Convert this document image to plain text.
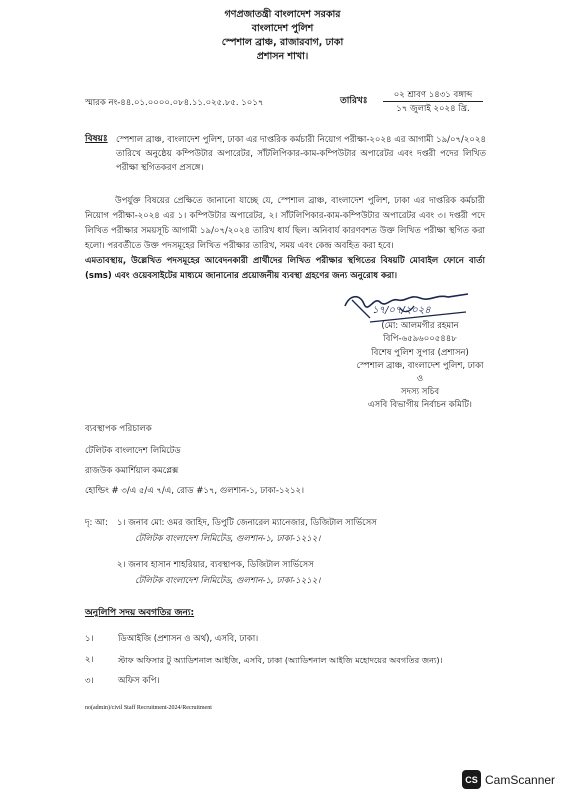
গণপ্রজাতন্ত্রী বাংলাদেশ সরকার
বাংলাদেশ পুলিশ
স্পেশাল ব্রাঞ্চ, রাজারবাগ, ঢাকা
প্রশাসন শাখা।
স্মারক নং-৪৪.০১.০০০০.০৮৪.১১.০২৫.৮৫. ১০১৭	তারিখঃ
০২ শ্রাবণ ১৪৩১ বঙ্গাব্দ
১৭ জুলাই ২০২৪ খ্রি.
বিষয়ঃ স্পেশাল ব্রাঞ্চ, বাংলাদেশ পুলিশ, ঢাকা এর দাপ্তরিক কর্মচারী নিয়োগ পরীক্ষা-২০২৪ এর আগামী ১৯/০৭/২০২৪ তারিখে অনুষ্ঠেয় কম্পিউটার অপারেটর, সাঁটলিপিকার-কাম-কম্পিউটার অপারেটর এবং দপ্তরী পদের লিখিত পরীক্ষা স্থগিতকরণ প্রসঙ্গে।
উপর্যুক্ত বিষয়ের প্রেক্ষিতে জানানো যাচ্ছে যে, স্পেশাল ব্রাঞ্চ, বাংলাদেশ পুলিশ, ঢাকা এর দাপ্তরিক কর্মচারী নিয়োগ পরীক্ষা-২০২৪ এর ১। কম্পিউটার অপারেটর, ২। সাঁটলিপিকার-কাম-কম্পিউটার অপারেটর এবং ৩। দপ্তরী পদে লিখিত পরীক্ষার সময়সূচি আগামী ১৯/০৭/২০২৪ তারিখ ধার্য ছিল। অনিবার্য কারণবশত উক্ত লিখিত পরীক্ষা স্থগিত করা হলো। পরবর্তীতে উক্ত পদসমূহের লিখিত পরীক্ষার তারিখ, সময় এবং কেন্দ্র অবহিত করা হবে।
এমতাবস্থায়, উল্লেখিত পদসমূহের আবেদনকারী প্রার্থীদের লিখিত পরীক্ষার স্থগিতের বিষয়টি মোবাইল ফোনে বার্তা (sms) এবং ওয়েবসাইটের মাধ্যমে জানানোর প্রয়োজনীয় ব্যবস্থা গ্রহণের জন্য অনুরোধ করা।
১৭/০৭/২০২৪
(মো: আলমগীর রহমান
বিপি-৬৫৯৬০০৫৪৪৮
বিশেষ পুলিশ সুপার (প্রশাসন)
স্পেশাল ব্রাঞ্চ, বাংলাদেশ পুলিশ, ঢাকা
ও
সদস্য সচিব
এসবি বিভাগীয় নির্বাচন কমিটি।
ব্যবস্থাপক পরিচালক
টেলিটক বাংলাদেশ লিমিটেড
রাজউক কমার্শিয়াল কমপ্লেক্স
হোল্ডিং # ৩/এ ৫/এ ৭/এ, রোড #১৭, গুলশান-১, ঢাকা-১২১২।
দৃ: আ: ১। জনাব মো: ওমর জাহিদ, ডিপুটি জেনারেল ম্যানেজার, ডিজিটাল সার্ভিসেস
টেলিটক বাংলাদেশ লিমিটেড, গুলশান-১, ঢাকা-১২১২।
২। জনাব হাসান শাহরিয়ার, ব্যবস্থাপক, ডিজিটাল সার্ভিসেস
টেলিটক বাংলাদেশ লিমিটেড, গুলশান-১, ঢাকা-১২১২।
অনুলিপি সদয় অবগতির জন্য:
১।	ডিআইজি (প্রশাসন ও অর্থ), এসবি, ঢাকা।
২।	স্টাফ অফিসার টু অ্যাডিশনাল আইজি, এসবি, ঢাকা (অ্যাডিশনাল আইজি মহোদয়ের অবগতির জন্য)।
৩।	অফিস কপি।
no(admin)/civil Staff Recruitment-2024/Recruitment
CS CamScanner
